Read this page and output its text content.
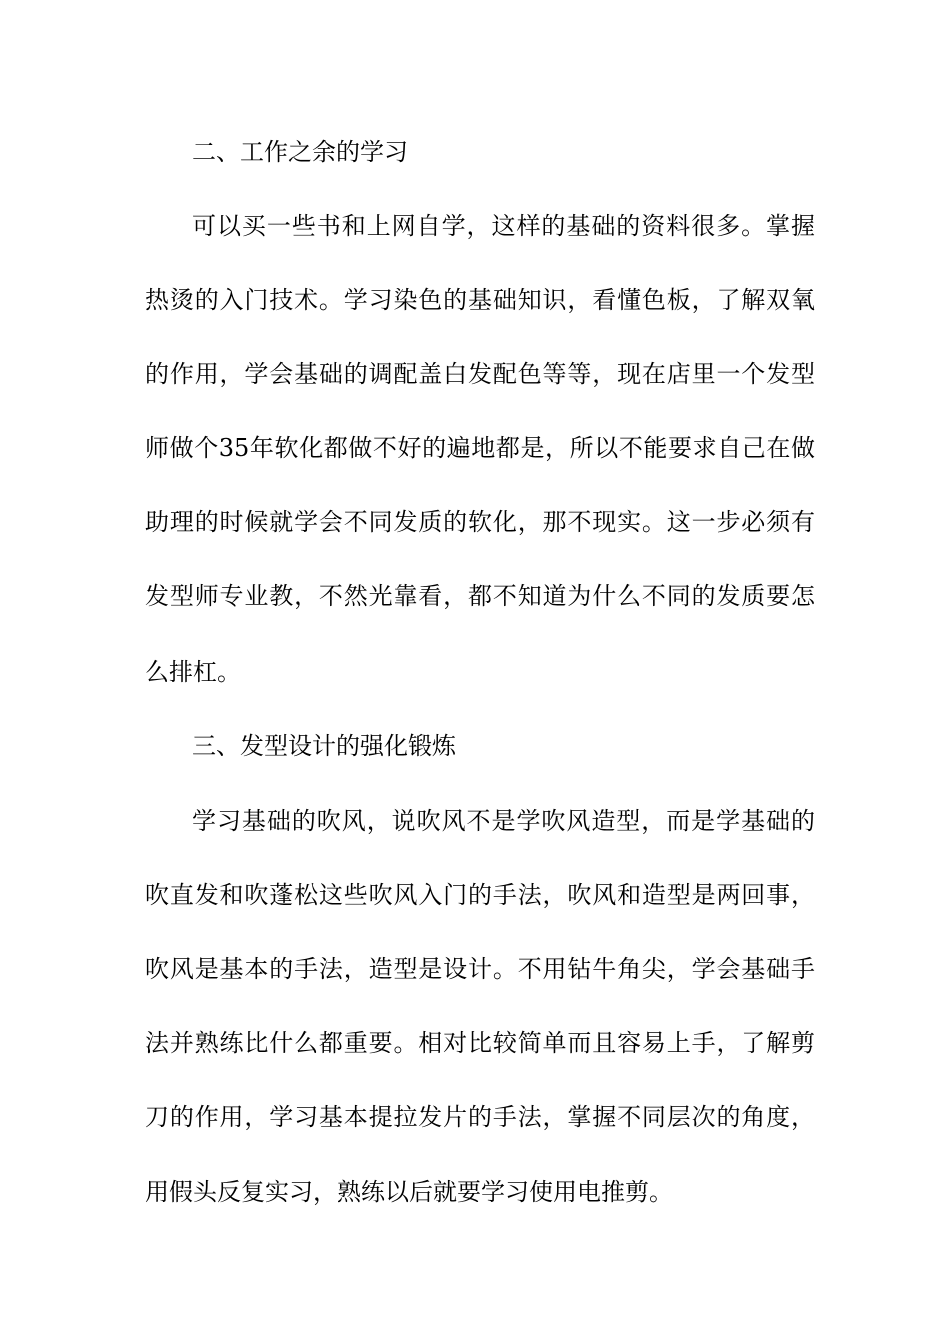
二、工作之余的学习

可以买一些书和上网自学，这样的基础的资料很多。掌握

热烫的入门技术。学习染色的基础知识，看懂色板，了解双氧

的作用，学会基础的调配盖白发配色等等，现在店里一个发型

师做个35年软化都做不好的遍地都是，所以不能要求自己在做

助理的时候就学会不同发质的软化，那不现实。这一步必须有

发型师专业教，不然光靠看，都不知道为什么不同的发质要怎

么排杠。

三、发型设计的强化锻炼

学习基础的吹风，说吹风不是学吹风造型，而是学基础的

吹直发和吹蓬松这些吹风入门的手法，吹风和造型是两回事，

吹风是基本的手法，造型是设计。不用钻牛角尖，学会基础手

法并熟练比什么都重要。相对比较简单而且容易上手，了解剪

刀的作用，学习基本提拉发片的手法，掌握不同层次的角度，

用假头反复实习，熟练以后就要学习使用电推剪。
